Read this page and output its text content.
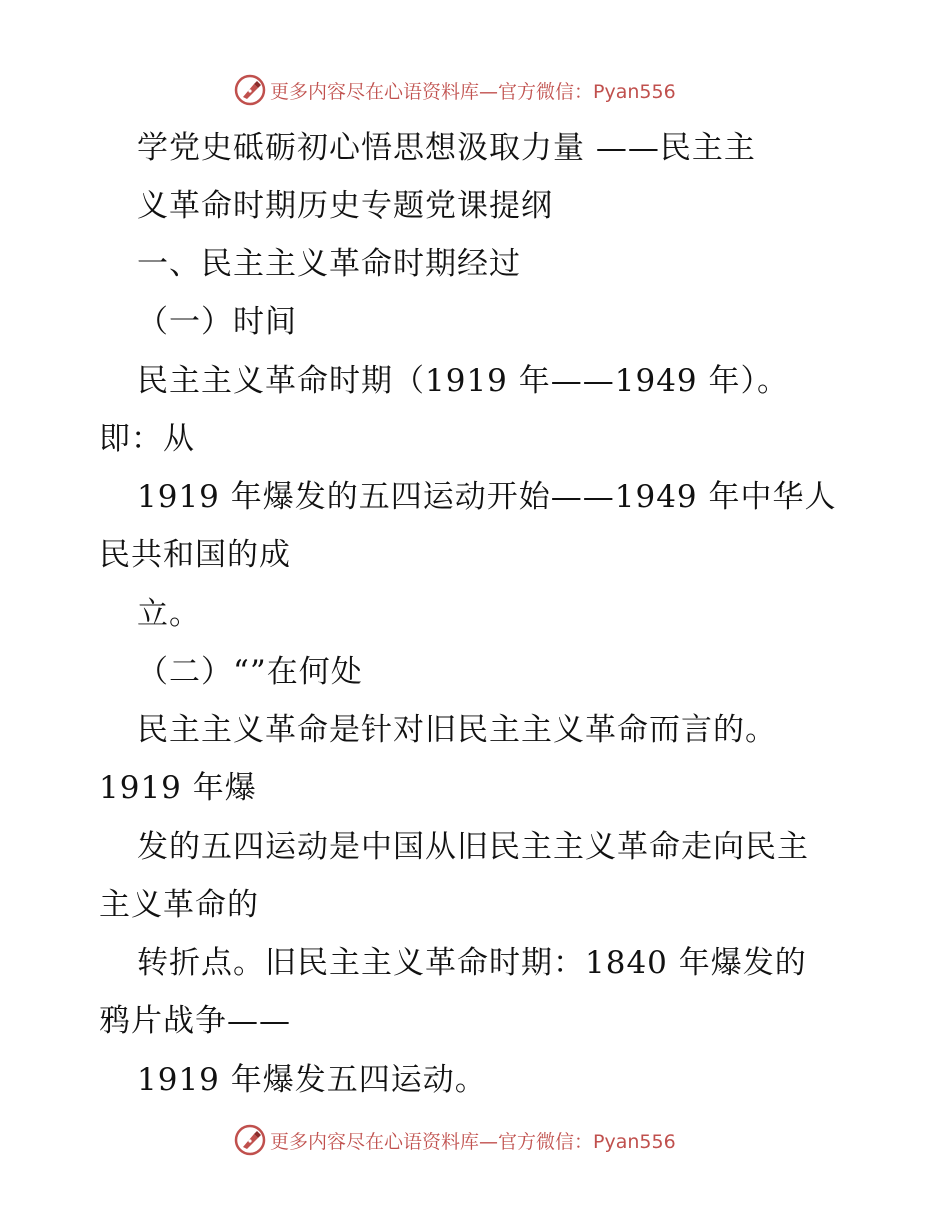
更多内容尽在心语资料库—官方微信：Pyan556
学党史砥砺初心悟思想汲取力量 ——民主主
义革命时期历史专题党课提纲
一、民主主义革命时期经过
（一）时间
民主主义革命时期（1919 年——1949 年）。
即：从
1919 年爆发的五四运动开始——1949 年中华人
民共和国的成
立。
（二）“”在何处
民主主义革命是针对旧民主主义革命而言的。
1919 年爆
发的五四运动是中国从旧民主主义革命走向民主
主义革命的
转折点。旧民主主义革命时期：1840 年爆发的
鸦片战争——
1919 年爆发五四运动。
更多内容尽在心语资料库—官方微信：Pyan556
